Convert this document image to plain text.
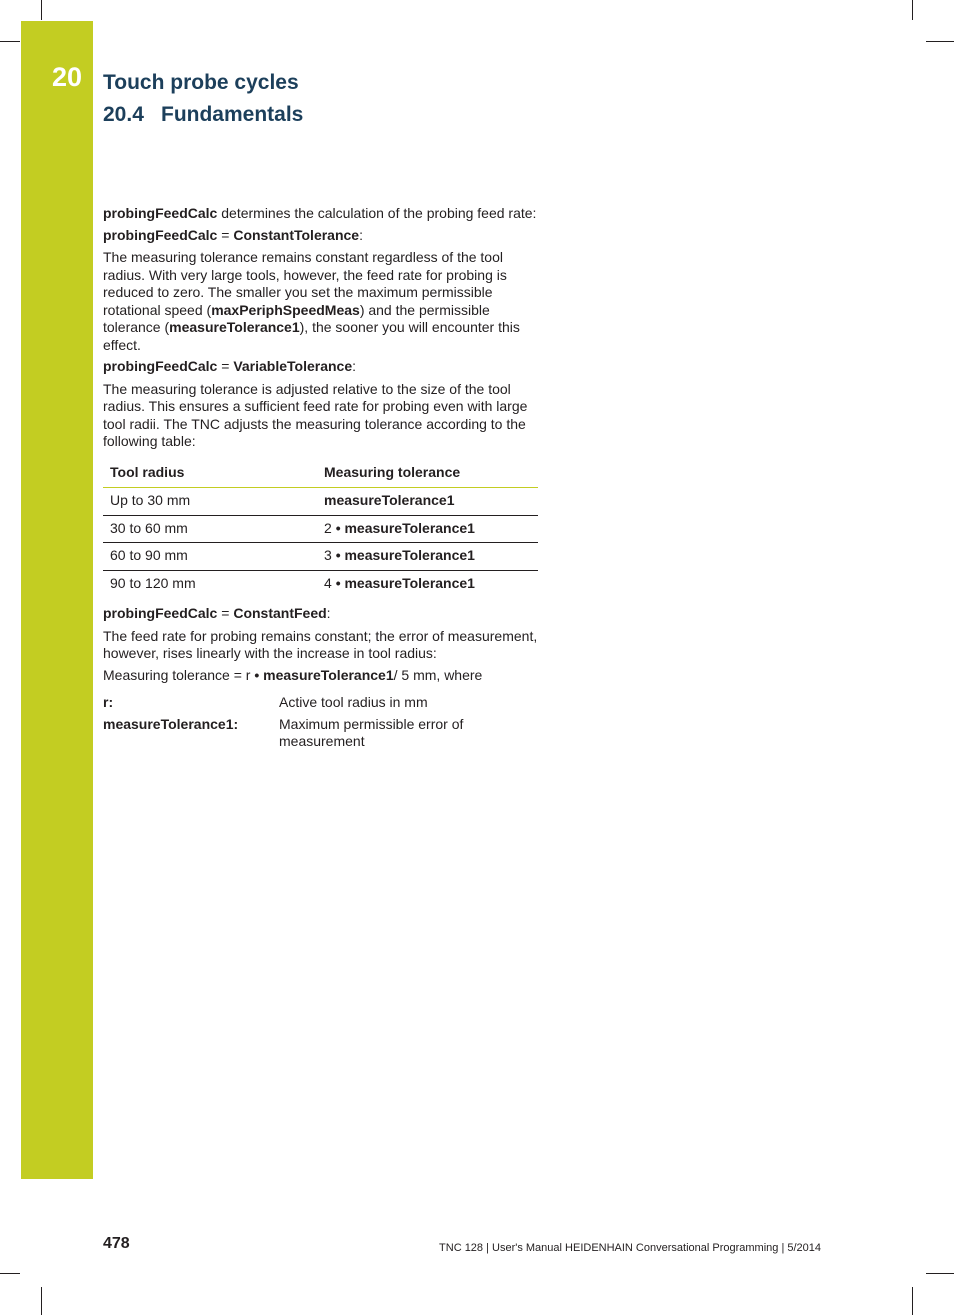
20 Touch probe cycles
20.4 Fundamentals

probingFeedCalc determines the calculation of the probing feed rate:

probingFeedCalc = ConstantTolerance:

The measuring tolerance remains constant regardless of the tool radius. With very large tools, however, the feed rate for probing is reduced to zero. The smaller you set the maximum permissible rotational speed (maxPeriphSpeedMeas) and the permissible tolerance (measureTolerance1), the sooner you will encounter this effect.

probingFeedCalc = VariableTolerance:

The measuring tolerance is adjusted relative to the size of the tool radius. This ensures a sufficient feed rate for probing even with large tool radii. The TNC adjusts the measuring tolerance according to the following table:

Tool radius	Measuring tolerance
Up to 30 mm	measureTolerance1
30 to 60 mm	2 • measureTolerance1
60 to 90 mm	3 • measureTolerance1
90 to 120 mm	4 • measureTolerance1

probingFeedCalc = ConstantFeed:

The feed rate for probing remains constant; the error of measurement, however, rises linearly with the increase in tool radius:

Measuring tolerance = r • measureTolerance1/ 5 mm, where

r:	Active tool radius in mm
measureTolerance1:	Maximum permissible error of measurement
478	TNC 128 | User's Manual HEIDENHAIN Conversational Programming | 5/2014
